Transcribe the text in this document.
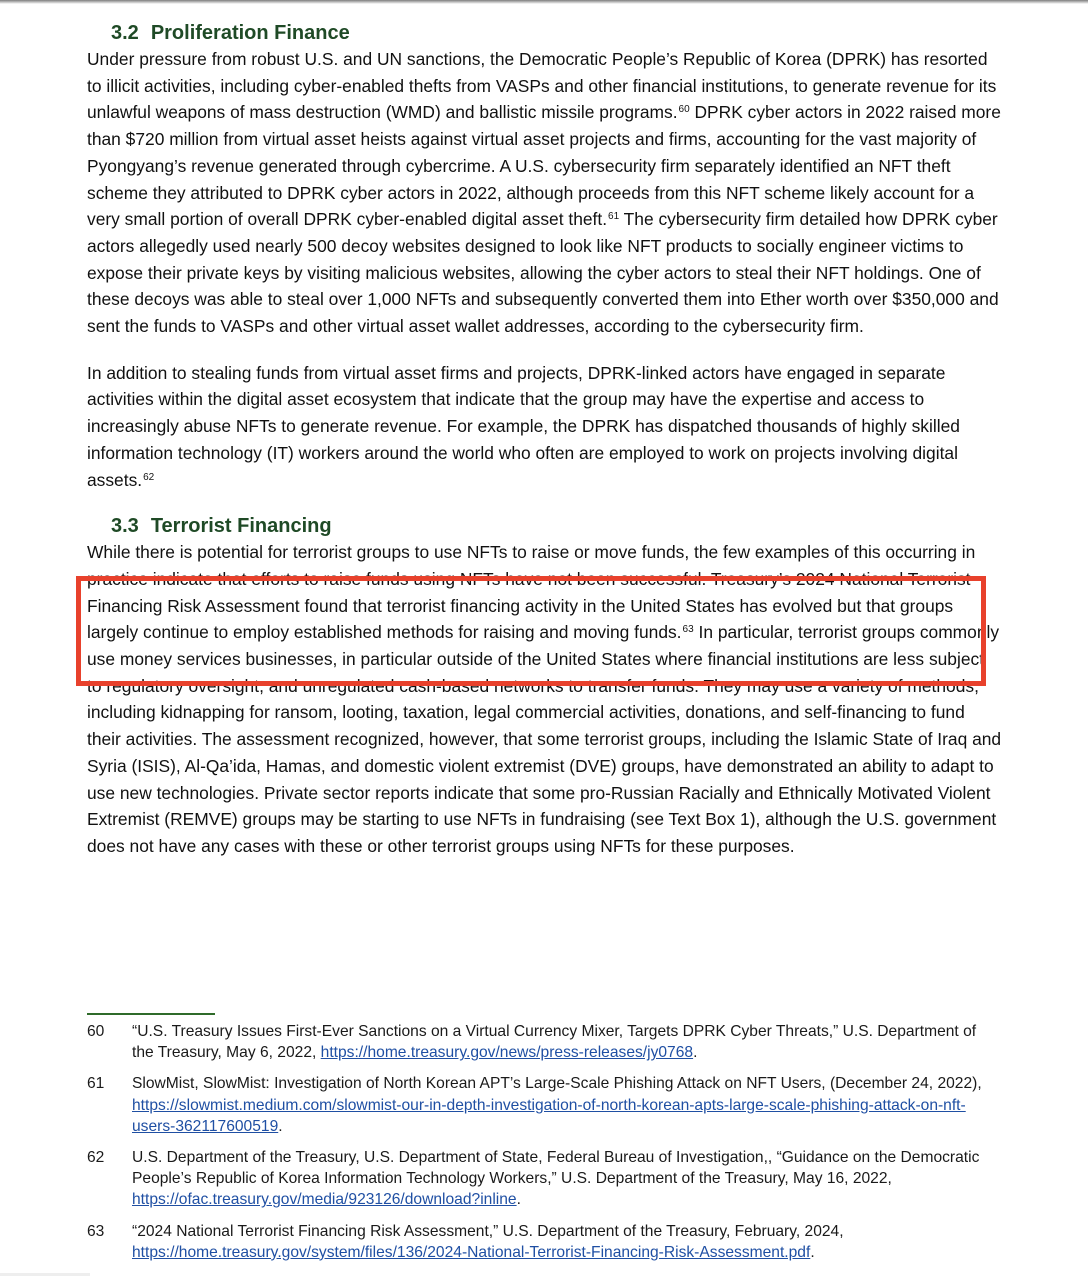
3.2 Proliferation Finance

Under pressure from robust U.S. and UN sanctions, the Democratic People’s Republic of Korea (DPRK) has resorted to illicit activities, including cyber-enabled thefts from VASPs and other financial institutions, to generate revenue for its unlawful weapons of mass destruction (WMD) and ballistic missile programs.$^{60}$ DPRK cyber actors in 2022 raised more than $720 million from virtual asset heists against virtual asset projects and firms, accounting for the vast majority of Pyongyang’s revenue generated through cybercrime. A U.S. cybersecurity firm separately identified an NFT theft scheme they attributed to DPRK cyber actors in 2022, although proceeds from this NFT scheme likely account for a very small portion of overall DPRK cyber-enabled digital asset theft.$^{61}$ The cybersecurity firm detailed how DPRK cyber actors allegedly used nearly 500 decoy websites designed to look like NFT products to socially engineer victims to expose their private keys by visiting malicious websites, allowing the cyber actors to steal their NFT holdings. One of these decoys was able to steal over 1,000 NFTs and subsequently converted them into Ether worth over $350,000 and sent the funds to VASPs and other virtual asset wallet addresses, according to the cybersecurity firm.

In addition to stealing funds from virtual asset firms and projects, DPRK-linked actors have engaged in separate activities within the digital asset ecosystem that indicate that the group may have the expertise and access to increasingly abuse NFTs to generate revenue. For example, the DPRK has dispatched thousands of highly skilled information technology (IT) workers around the world who often are employed to work on projects involving digital assets.$^{62}$

3.3 Terrorist Financing

While there is potential for terrorist groups to use NFTs to raise or move funds, the few examples of this occurring in practice indicate that efforts to raise funds using NFTs have not been successful. Treasury’s 2024 National Terrorist Financing Risk Assessment found that terrorist financing activity in the United States has evolved but that groups largely continue to employ established methods for raising and moving funds.$^{63}$ In particular, terrorist groups commonly use money services businesses, in particular outside of the United States where financial institutions are less subject to regulatory oversight, and unregulated cash-based networks to transfer funds. They may use a variety of methods, including kidnapping for ransom, looting, taxation, legal commercial activities, donations, and self-financing to fund their activities. The assessment recognized, however, that some terrorist groups, including the Islamic State of Iraq and Syria (ISIS), Al-Qa’ida, Hamas, and domestic violent extremist (DVE) groups, have demonstrated an ability to adapt to use new technologies. Private sector reports indicate that some pro-Russian Racially and Ethnically Motivated Violent Extremist (REMVE) groups may be starting to use NFTs in fundraising (see Text Box 1), although the U.S. government does not have any cases with these or other terrorist groups using NFTs for these purposes.

60	“U.S. Treasury Issues First-Ever Sanctions on a Virtual Currency Mixer, Targets DPRK Cyber Threats,” U.S. Department of the Treasury, May 6, 2022, https://home.treasury.gov/news/press-releases/jy0768.
61	SlowMist, SlowMist: Investigation of North Korean APT’s Large-Scale Phishing Attack on NFT Users, (December 24, 2022), https://slowmist.medium.com/slowmist-our-in-depth-investigation-of-north-korean-apts-large-scale-phishing-attack-on-nft-users-362117600519.
62	U.S. Department of the Treasury, U.S. Department of State, Federal Bureau of Investigation,, “Guidance on the Democratic People’s Republic of Korea Information Technology Workers,” U.S. Department of the Treasury, May 16, 2022, https://ofac.treasury.gov/media/923126/download?inline.
63	“2024 National Terrorist Financing Risk Assessment,” U.S. Department of the Treasury, February, 2024, https://home.treasury.gov/system/files/136/2024-National-Terrorist-Financing-Risk-Assessment.pdf.
